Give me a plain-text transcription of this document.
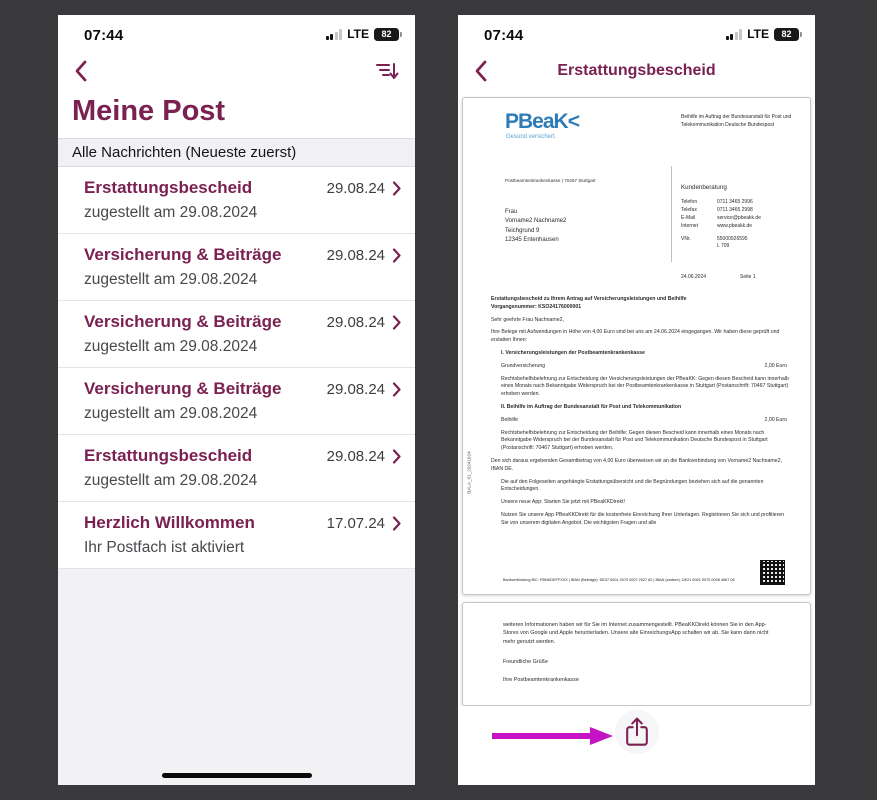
07:44	LTE	82
Meine Post
Alle Nachrichten (Neueste zuerst)
Erstattungsbescheid	29.08.24
zugestellt am 29.08.2024
Versicherung & Beiträge	29.08.24
zugestellt am 29.08.2024
Versicherung & Beiträge	29.08.24
zugestellt am 29.08.2024
Versicherung & Beiträge	29.08.24
zugestellt am 29.08.2024
Erstattungsbescheid	29.08.24
zugestellt am 29.08.2024
Herzlich Willkommen	17.07.24
Ihr Postfach ist aktiviert
07:44	LTE	82
Erstattungsbescheid
PBeaK<
Gesund versichert.
Beihilfe im Auftrag der Bundesanstalt für Post und Telekommunikation Deutsche Bundespost
Postbeamtenkrankenkasse | 70467 Stuttgart
Frau
Vorname2 Nachname2
Teichgrund 9
12345 Entenhausen
Kundenberatung
Telefon	0711 3465 2996
Telefax	0711 3465 2998
E-Mail	service@pbeakk.de
Internet	www.pbeakk.de
VNr.	55000926595
L 709
24.06.2024	Seite 1
Erstattungsbescheid zu Ihrem Antrag auf Versicherungsleistungen und Beihilfe
Vorgangsnummer: KSO24176000001
Sehr geehrte Frau Nachname2,
Ihre Belege mit Aufwendungen in Höhe von 4,00 Euro sind bei uns am 24.06.2024 eingegangen. Wir haben diese geprüft und erstatten Ihnen:
I. Versicherungsleistungen der Postbeamtenkrankenkasse
Grundversicherung	2,00 Euro
Rechtsbehelfsbelehrung zur Entscheidung der Versicherungsleistungen der PBeaKK: Gegen diesen Bescheid kann innerhalb eines Monats nach Bekanntgabe Widerspruch bei der Postbeamtenkrankenkasse in Stuttgart (Postanschrift: 70467 Stuttgart) erhoben werden.
II. Beihilfe im Auftrag der Bundesanstalt für Post und Telekommunikation
Beihilfe	2,00 Euro
Rechtsbehelfsbelehrung zur Entscheidung der Beihilfe: Gegen diesen Bescheid kann innerhalb eines Monats nach Bekanntgabe Widerspruch bei der Bundesanstalt für Post und Telekommunikation Deutsche Bundespost in Stuttgart (Postanschrift: 70467 Stuttgart) erhoben werden.
Den sich daraus ergebenden Gesamtbetrag von 4,00 Euro überweisen wir an die Bankverbindung von Vorname2 Nachname2, IBAN DE.
Die auf den Folgeseiten angehängte Erstattungsübersicht und die Begründungen beziehen sich auf die genannten Entscheidungen.
Unsere neue App: Starten Sie jetzt mit PBeaKKDirekt!
Nutzen Sie unsere App PBeaKKDirekt für die kostenfreie Einreichung Ihrer Unterlagen. Registrieren Sie sich und profitieren Sie von unserem digitalen Angebot. Die wichtigsten Fragen und alle
Bankverbindung BIC: PBNKDEFFXXX | IBAN (Beiträge): DE37 6001 0070 0007 2527 62 | IBAN (andere): DE21 6001 0070 0008 4667 06
BALA_01_20241624
weiteren Informationen haben wir für Sie im Internet zusammengestellt. PBeaKKDirekt können Sie in den App-Stores von Google und Apple herunterladen. Unsere alte EinreichungsApp schalten wir ab. Sie kann dann nicht mehr genutzt werden.
Freundliche Grüße
Ihre Postbeamtenkrankenkasse
